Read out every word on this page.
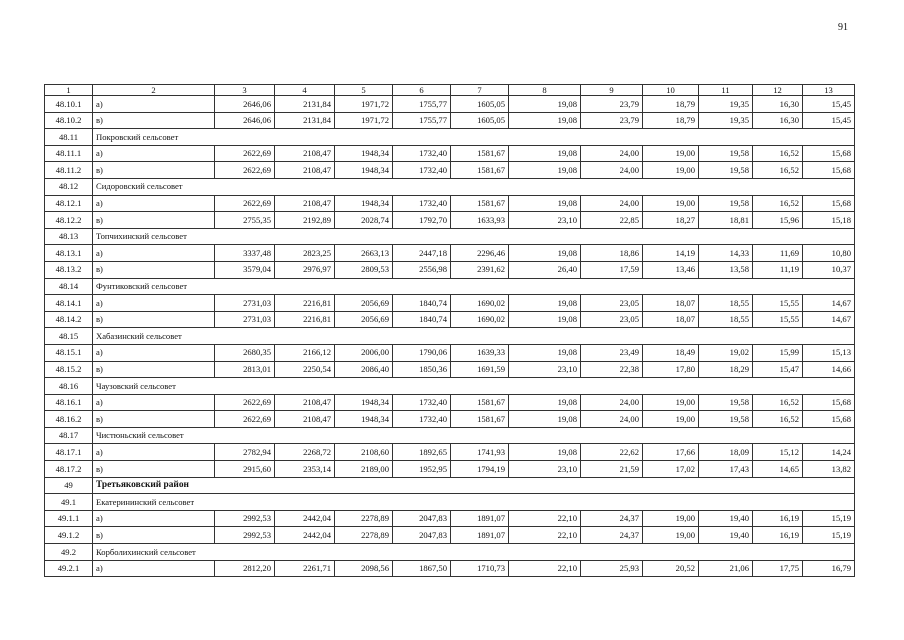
91
1	2	3	4	5	6	7	8	9	10	11	12	13
48.10.1	а)	2646,06	2131,84	1971,72	1755,77	1605,05	19,08	23,79	18,79	19,35	16,30	15,45
48.10.2	в)	2646,06	2131,84	1971,72	1755,77	1605,05	19,08	23,79	18,79	19,35	16,30	15,45
48.11	Покровский сельсовет											
48.11.1	а)	2622,69	2108,47	1948,34	1732,40	1581,67	19,08	24,00	19,00	19,58	16,52	15,68
48.11.2	в)	2622,69	2108,47	1948,34	1732,40	1581,67	19,08	24,00	19,00	19,58	16,52	15,68
48.12	Сидоровский сельсовет											
48.12.1	а)	2622,69	2108,47	1948,34	1732,40	1581,67	19,08	24,00	19,00	19,58	16,52	15,68
48.12.2	в)	2755,35	2192,89	2028,74	1792,70	1633,93	23,10	22,85	18,27	18,81	15,96	15,18
48.13	Топчихинский сельсовет											
48.13.1	а)	3337,48	2823,25	2663,13	2447,18	2296,46	19,08	18,86	14,19	14,33	11,69	10,80
48.13.2	в)	3579,04	2976,97	2809,53	2556,98	2391,62	26,40	17,59	13,46	13,58	11,19	10,37
48.14	Фунтиковский сельсовет											
48.14.1	а)	2731,03	2216,81	2056,69	1840,74	1690,02	19,08	23,05	18,07	18,55	15,55	14,67
48.14.2	в)	2731,03	2216,81	2056,69	1840,74	1690,02	19,08	23,05	18,07	18,55	15,55	14,67
48.15	Хабазинский сельсовет											
48.15.1	а)	2680,35	2166,12	2006,00	1790,06	1639,33	19,08	23,49	18,49	19,02	15,99	15,13
48.15.2	в)	2813,01	2250,54	2086,40	1850,36	1691,59	23,10	22,38	17,80	18,29	15,47	14,66
48.16	Чаузовский сельсовет											
48.16.1	а)	2622,69	2108,47	1948,34	1732,40	1581,67	19,08	24,00	19,00	19,58	16,52	15,68
48.16.2	в)	2622,69	2108,47	1948,34	1732,40	1581,67	19,08	24,00	19,00	19,58	16,52	15,68
48.17	Чистюньский сельсовет											
48.17.1	а)	2782,94	2268,72	2108,60	1892,65	1741,93	19,08	22,62	17,66	18,09	15,12	14,24
48.17.2	в)	2915,60	2353,14	2189,00	1952,95	1794,19	23,10	21,59	17,02	17,43	14,65	13,82
49	Третьяковский район											
49.1	Екатерининский сельсовет											
49.1.1	а)	2992,53	2442,04	2278,89	2047,83	1891,07	22,10	24,37	19,00	19,40	16,19	15,19
49.1.2	в)	2992,53	2442,04	2278,89	2047,83	1891,07	22,10	24,37	19,00	19,40	16,19	15,19
49.2	Корболихинский сельсовет											
49.2.1	а)	2812,20	2261,71	2098,56	1867,50	1710,73	22,10	25,93	20,52	21,06	17,75	16,79
